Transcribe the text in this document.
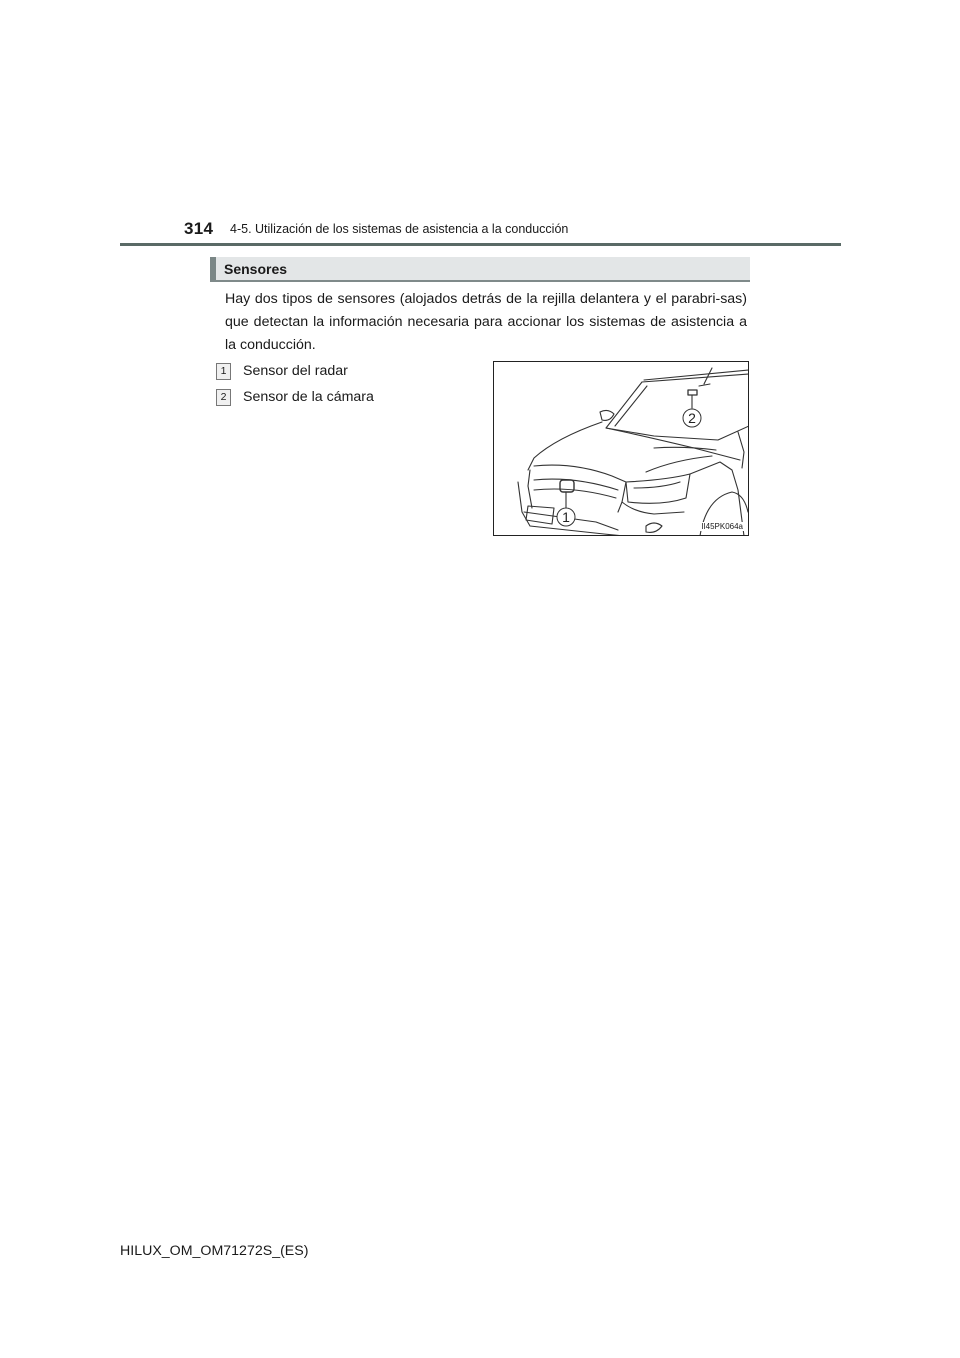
314 4-5. Utilización de los sistemas de asistencia a la conducción
Sensores

Hay dos tipos de sensores (alojados detrás de la rejilla delantera y el parabri-sas) que detectan la información necesaria para accionar los sistemas de asistencia a la conducción.

1	Sensor del radar
2	Sensor de la cámara
1
2
II45PK064a
HILUX_OM_OM71272S_(ES)
